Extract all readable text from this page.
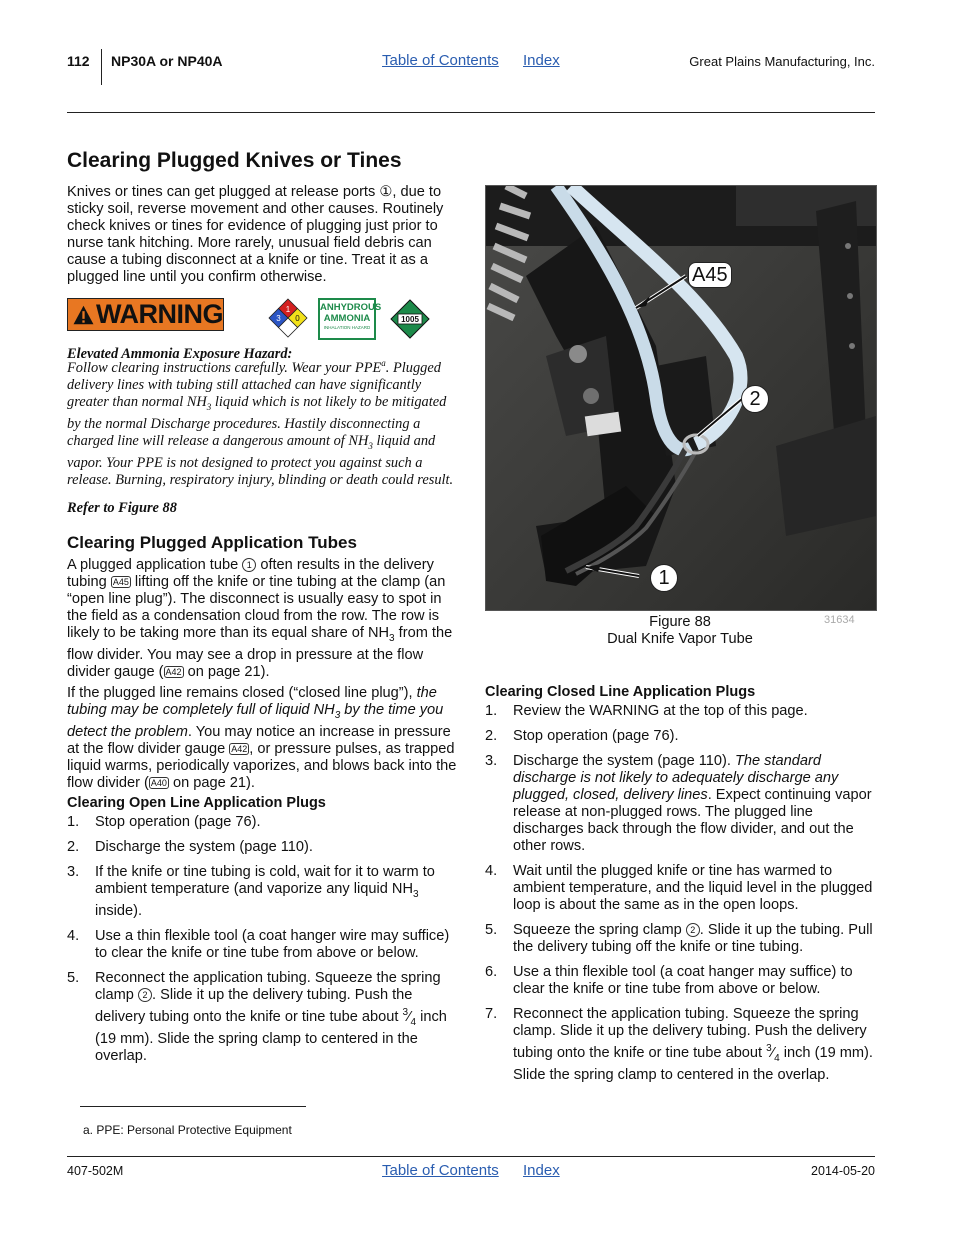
112 NP30A or NP40A	Table of Contents Index	Great Plains Manufacturing, Inc.
Clearing Plugged Knives or Tines

Knives or tines can get plugged at release ports ①, due to sticky soil, reverse movement and other causes. Routinely check knives or tines for evidence of plugging just prior to nurse tank hitching. More rarely, unusual field debris can cause a tubing disconnect at a knife or tine. Treat it as a plugged line until you confirm otherwise.

WARNING	1
3 0
ANHYDROUS
AMMONIA
INHALATION HAZARD
1005
Elevated Ammonia Exposure Hazard:
Follow clearing instructions carefully. Wear your PPE$^a$. Plugged delivery lines with tubing still attached can have significantly greater than normal $NH_3$ liquid which is not likely to be mitigated by the normal Discharge procedures. Hastily disconnecting a charged line will release a dangerous amount of $NH_3$ liquid and vapor. Your PPE is not designed to protect you against such a release. Burning, respiratory injury, blinding or death could result.
Refer to Figure 88
Clearing Plugged Application Tubes

A plugged application tube 1 often results in the delivery tubing A45 lifting off the knife or tine tubing at the clamp (an “open line plug”). The disconnect is usually easy to spot in the field as a condensation cloud from the row. The row is likely to be taking more than its equal share of $NH_3$ from the flow divider. You may see a drop in pressure at the flow divider gauge ( A42 on page 21).

If the plugged line remains closed (“closed line plug”), the tubing may be completely full of liquid $NH_3$ by the time you detect the problem. You may notice an increase in pressure at the flow divider gauge A42 , or pressure pulses, as trapped liquid warms, periodically vaporizes, and blows back into the flow divider ( A40 on page 21).

Clearing Open Line Application Plugs
1. Stop operation (page 76).
2. Discharge the system (page 110).
3. If the knife or tine tubing is cold, wait for it to warm to ambient temperature (and vaporize any liquid $NH_3$ inside).
4. Use a thin flexible tool (a coat hanger wire may suffice) to clear the knife or tine tube from above or below.
5. Reconnect the application tubing. Squeeze the spring clamp 2 . Slide it up the delivery tubing. Push the delivery tubing onto the knife or tine tube about $^3⁄_4$ inch (19 mm). Slide the spring clamp to centered in the overlap.
a. PPE: Personal Protective Equipment
A45
2
1
Figure 88
Dual Knife Vapor Tube
31634
Clearing Closed Line Application Plugs
1. Review the WARNING at the top of this page.
2. Stop operation (page 76).
3. Discharge the system (page 110). The standard discharge is not likely to adequately discharge any plugged, closed, delivery lines. Expect continuing vapor release at non-plugged rows. The plugged line discharges back through the flow divider, and out the other rows.
4. Wait until the plugged knife or tine has warmed to ambient temperature, and the liquid level in the plugged loop is about the same as in the open loops.
5. Squeeze the spring clamp 2 . Slide it up the tubing. Pull the delivery tubing off the knife or tine tubing.
6. Use a thin flexible tool (a coat hanger may suffice) to clear the knife or tine tube from above or below.
7. Reconnect the application tubing. Squeeze the spring clamp. Slide it up the delivery tubing. Push the delivery tubing onto the knife or tine tube about $^3⁄_4$ inch (19 mm). Slide the spring clamp to centered in the overlap.
407-502M	Table of Contents Index	2014-05-20
